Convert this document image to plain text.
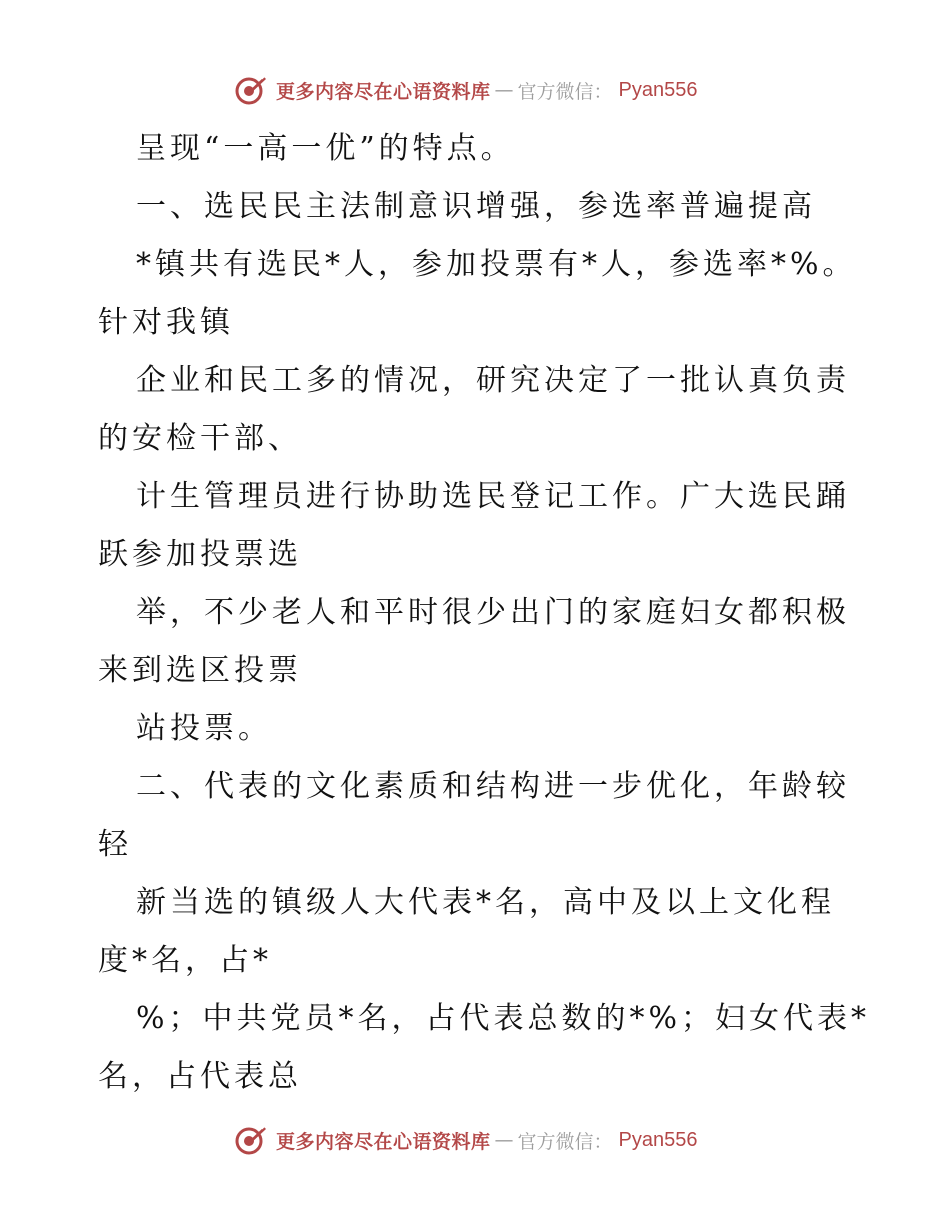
更多内容尽在心语资料库 — 官方微信： Pyan556
呈现“一高一优”的特点。
一、选民民主法制意识增强，参选率普遍提高
*镇共有选民*人，参加投票有*人，参选率*%。
针对我镇
企业和民工多的情况，研究决定了一批认真负责
的安检干部、
计生管理员进行协助选民登记工作。广大选民踊
跃参加投票选
举，不少老人和平时很少出门的家庭妇女都积极
来到选区投票
站投票。
二、代表的文化素质和结构进一步优化，年龄较
轻
新当选的镇级人大代表*名，高中及以上文化程
度*名，占*
%；中共党员*名，占代表总数的*%；妇女代表*
名，占代表总
更多内容尽在心语资料库 — 官方微信： Pyan556
